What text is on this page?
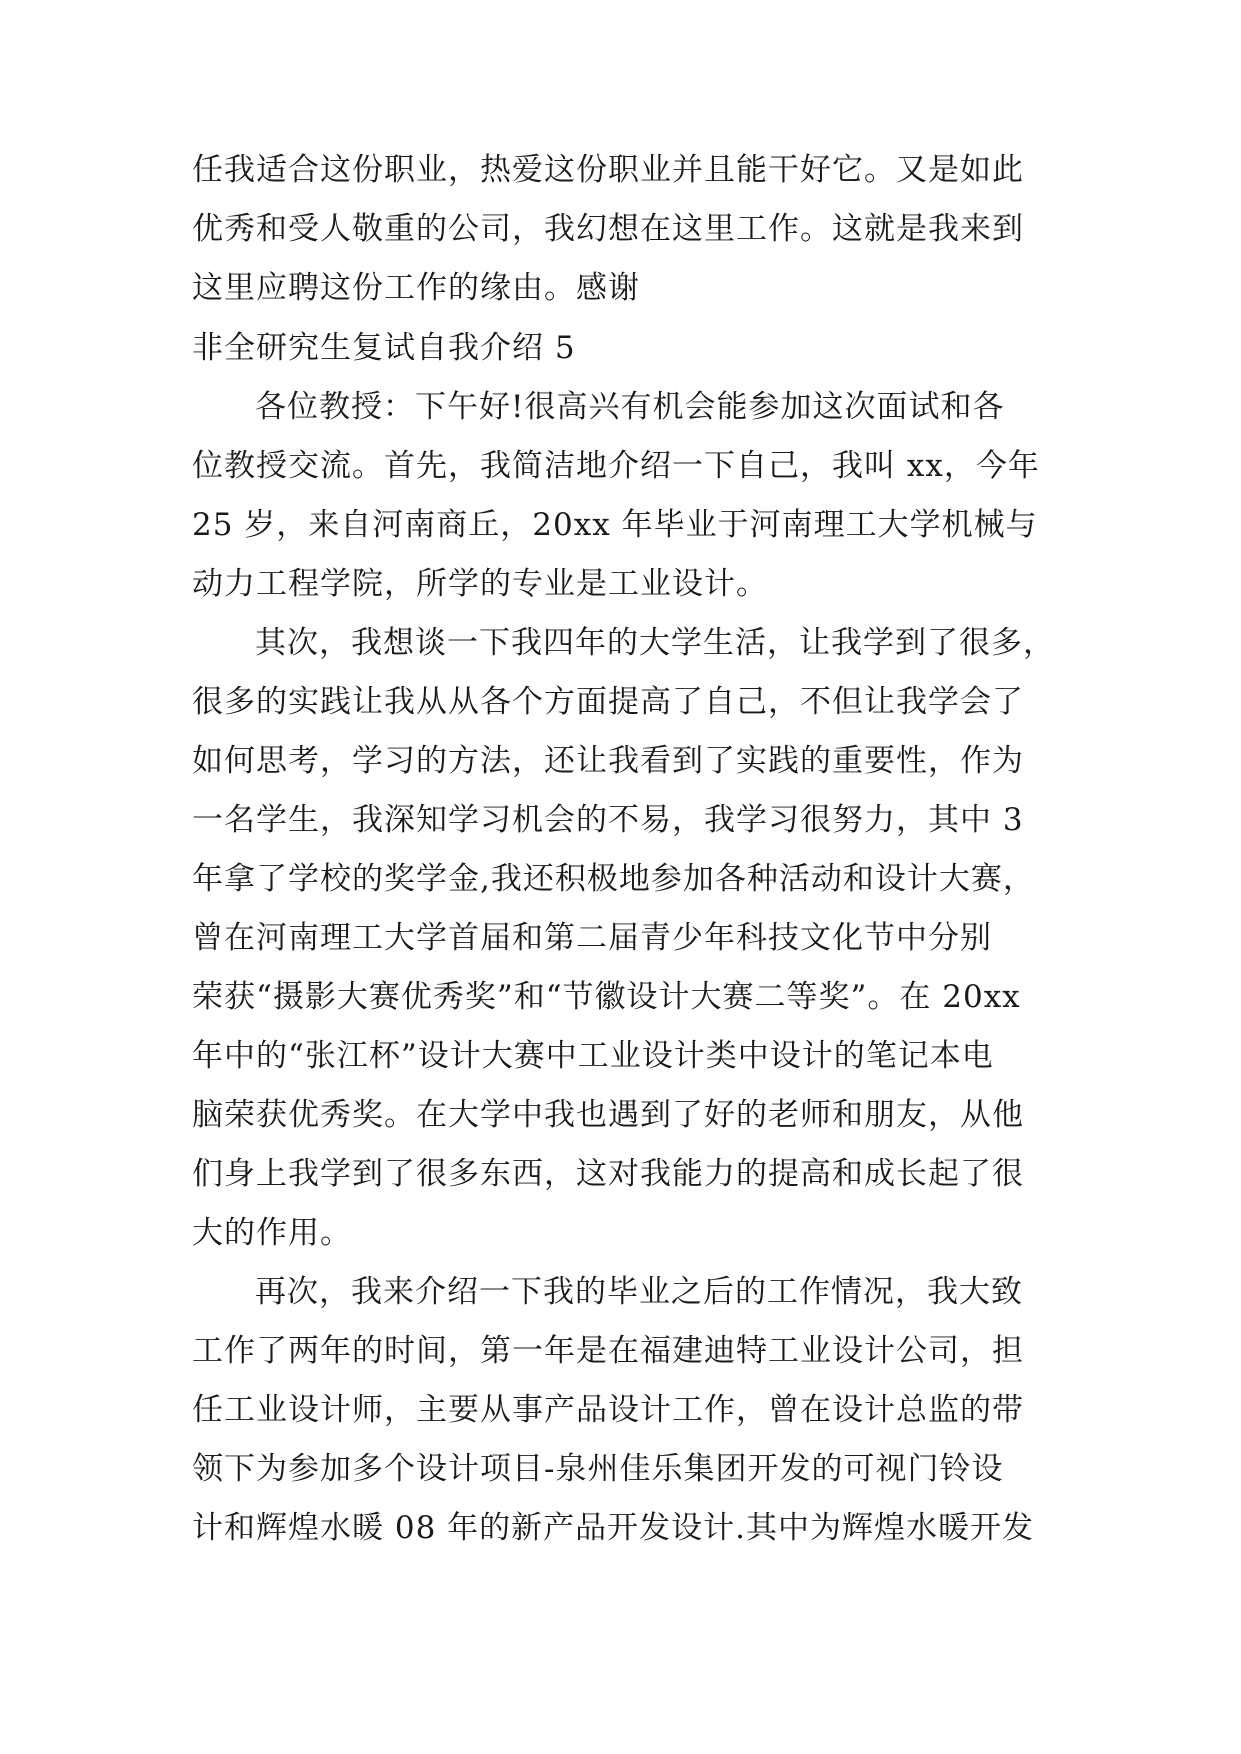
任我适合这份职业，热爱这份职业并且能干好它。又是如此
优秀和受人敬重的公司，我幻想在这里工作。这就是我来到
这里应聘这份工作的缘由。感谢
非全研究生复试自我介绍 5
各位教授：下午好!很高兴有机会能参加这次面试和各
位教授交流。首先，我简洁地介绍一下自己，我叫 xx，今年
25 岁，来自河南商丘，20xx 年毕业于河南理工大学机械与
动力工程学院，所学的专业是工业设计。
其次，我想谈一下我四年的大学生活，让我学到了很多，
很多的实践让我从从各个方面提高了自己，不但让我学会了
如何思考，学习的方法，还让我看到了实践的重要性，作为
一名学生，我深知学习机会的不易，我学习很努力，其中 3
年拿了学校的奖学金,我还积极地参加各种活动和设计大赛，
曾在河南理工大学首届和第二届青少年科技文化节中分别
荣获“摄影大赛优秀奖”和“节徽设计大赛二等奖”。在 20xx
年中的“张江杯”设计大赛中工业设计类中设计的笔记本电
脑荣获优秀奖。在大学中我也遇到了好的老师和朋友，从他
们身上我学到了很多东西，这对我能力的提高和成长起了很
大的作用。
再次，我来介绍一下我的毕业之后的工作情况，我大致
工作了两年的时间，第一年是在福建迪特工业设计公司，担
任工业设计师，主要从事产品设计工作，曾在设计总监的带
领下为参加多个设计项目-泉州佳乐集团开发的可视门铃设
计和辉煌水暖 08 年的新产品开发设计.其中为辉煌水暖开发
